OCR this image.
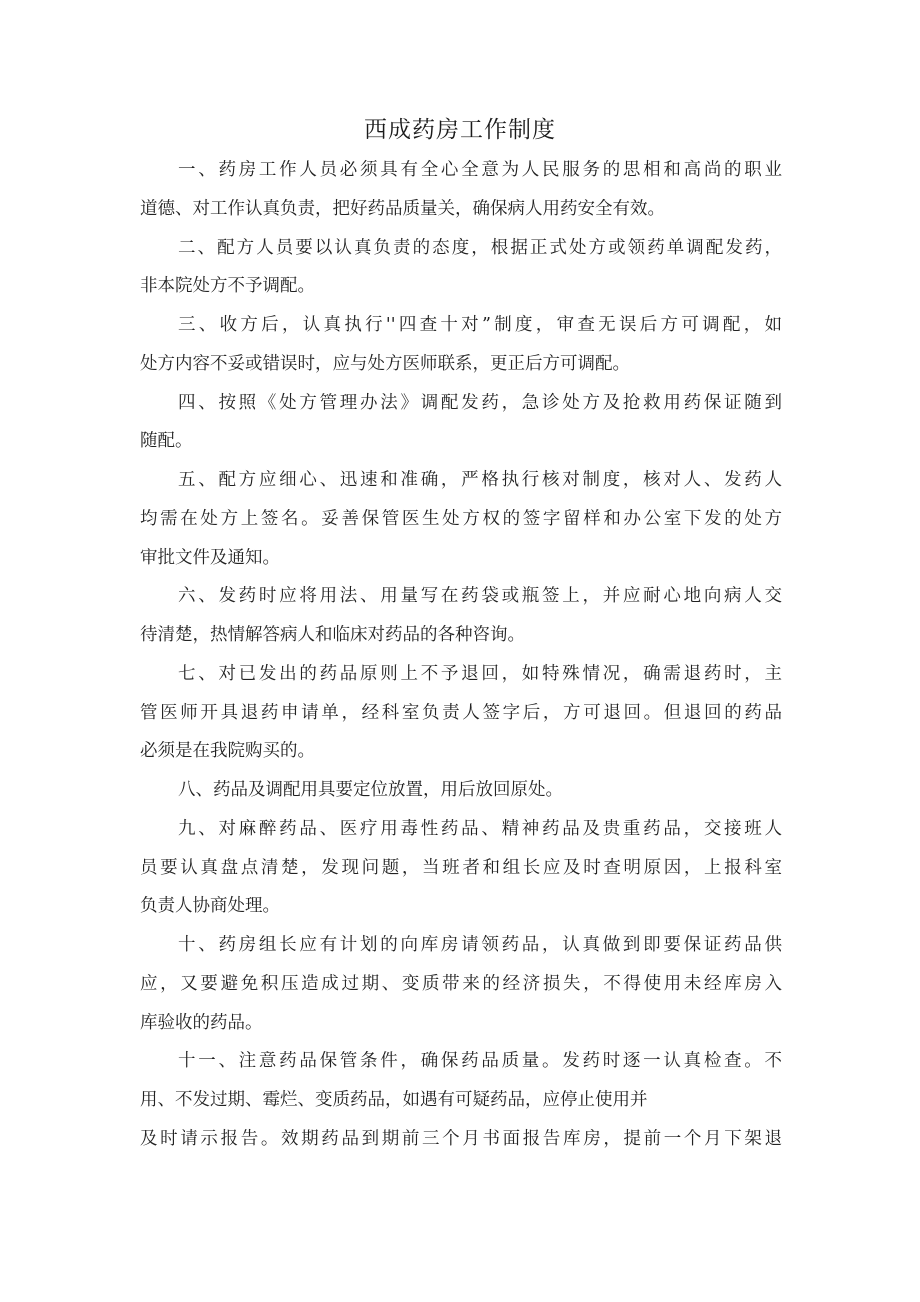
西成药房工作制度
一、药房工作人员必须具有全心全意为人民服务的思相和高尚的职业
道德、对工作认真负责，把好药品质量关，确保病人用药安全有效。
二、配方人员要以认真负责的态度，根据正式处方或领药单调配发药，
非本院处方不予调配。
三、收方后，认真执行''四查十对”制度，审查无误后方可调配，如
处方内容不妥或错误时，应与处方医师联系，更正后方可调配。
四、按照《处方管理办法》调配发药，急诊处方及抢救用药保证随到
随配。
五、配方应细心、迅速和准确，严格执行核对制度，核对人、发药人
均需在处方上签名。妥善保管医生处方权的签字留样和办公室下发的处方
审批文件及通知。
六、发药时应将用法、用量写在药袋或瓶签上，并应耐心地向病人交
待清楚，热情解答病人和临床对药品的各种咨询。
七、对已发出的药品原则上不予退回，如特殊情况，确需退药时，主
管医师开具退药申请单，经科室负责人签字后，方可退回。但退回的药品
必须是在我院购买的。
八、药品及调配用具要定位放置，用后放回原处。
九、对麻醉药品、医疗用毒性药品、精神药品及贵重药品，交接班人
员要认真盘点清楚，发现问题，当班者和组长应及时查明原因，上报科室
负责人协商处理。
十、药房组长应有计划的向库房请领药品，认真做到即要保证药品供
应，又要避免积压造成过期、变质带来的经济损失，不得使用未经库房入
库验收的药品。
十一、注意药品保管条件，确保药品质量。发药时逐一认真检查。不
用、不发过期、霉烂、变质药品，如遇有可疑药品，应停止使用并
及时请示报告。效期药品到期前三个月书面报告库房，提前一个月下架退
